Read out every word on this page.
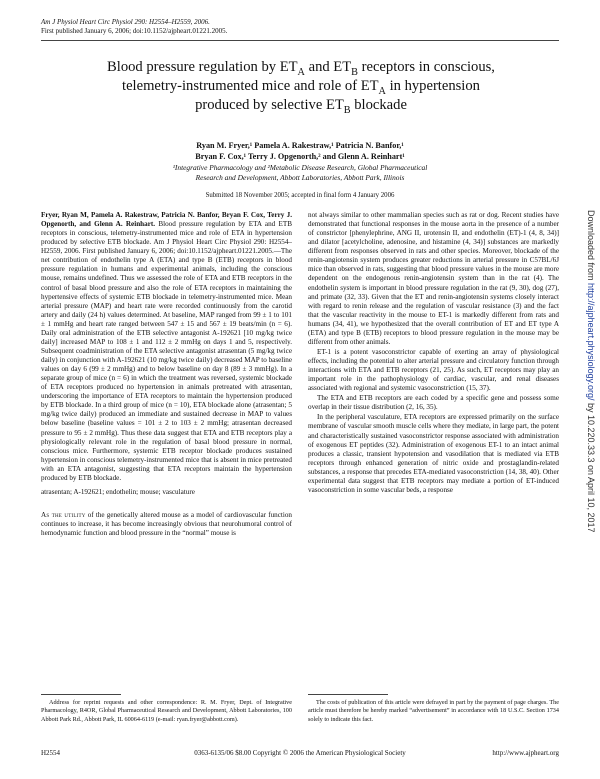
Am J Physiol Heart Circ Physiol 290: H2554–H2559, 2006.
First published January 6, 2006; doi:10.1152/ajpheart.01221.2005.
Blood pressure regulation by $ET_A$ and $ET_B$ receptors in conscious,
telemetry-instrumented mice and role of $ET_A$ in hypertension
produced by selective $ET_B$ blockade
Ryan M. Fryer,¹ Pamela A. Rakestraw,¹ Patricia N. Banfor,¹
Bryan F. Cox,¹ Terry J. Opgenorth,² and Glenn A. Reinhart¹
¹Integrative Pharmacology and ²Metabolic Disease Research, Global Pharmaceutical
Research and Development, Abbott Laboratories, Abbott Park, Illinois
Submitted 18 November 2005; accepted in final form 4 January 2006

Fryer, Ryan M, Pamela A. Rakestraw, Patricia N. Banfor, Bryan F. Cox, Terry J. Opgenorth, and Glenn A. Reinhart. Blood pressure regulation by ETA and ETB receptors in conscious, telemetry-instrumented mice and role of ETA in hypertension produced by selective ETB blockade. Am J Physiol Heart Circ Physiol 290: H2554–H2559, 2006. First published January 6, 2006; doi:10.1152/ajpheart.01221.2005.—The net contribution of endothelin type A (ETA) and type B (ETB) receptors in blood pressure regulation in humans and experimental animals, including the conscious mouse, remains undefined. Thus we assessed the role of ETA and ETB receptors in the control of basal blood pressure and also the role of ETA receptors in maintaining the hypertensive effects of systemic ETB blockade in telemetry-instrumented mice. Mean arterial pressure (MAP) and heart rate were recorded continuously from the carotid artery and daily (24 h) values determined. At baseline, MAP ranged from 99 ± 1 to 101 ± 1 mmHg and heart rate ranged between 547 ± 15 and 567 ± 19 beats/min (n = 6). Daily oral administration of the ETB selective antagonist A-192621 [10 mg/kg twice daily] increased MAP to 108 ± 1 and 112 ± 2 mmHg on days 1 and 5, respectively. Subsequent coadministration of the ETA selective antagonist atrasentan (5 mg/kg twice daily) in conjunction with A-192621 (10 mg/kg twice daily) decreased MAP to baseline values on day 6 (99 ± 2 mmHg) and to below baseline on day 8 (89 ± 3 mmHg). In a separate group of mice (n = 6) in which the treatment was reversed, systemic blockade of ETA receptors produced no hypertension in animals pretreated with atrasentan, underscoring the importance of ETA receptors to maintain the hypertension produced by ETB blockade. In a third group of mice (n = 10), ETA blockade alone (atrasentan; 5 mg/kg twice daily) produced an immediate and sustained decrease in MAP to values below baseline (baseline values = 101 ± 2 to 103 ± 2 mmHg; atrasentan decreased pressure to 95 ± 2 mmHg). Thus these data suggest that ETA and ETB receptors play a physiologically relevant role in the regulation of basal blood pressure in normal, conscious mice. Furthermore, systemic ETB receptor blockade produces sustained hypertension in conscious telemetry-instrumented mice that is absent in mice pretreated with an ETA antagonist, suggesting that ETA receptors maintain the hypertension produced by ETB blockade.

atrasentan; A-192621; endothelin; mouse; vasculature

As the utility of the genetically altered mouse as a model of cardiovascular function continues to increase, it has become increasingly obvious that neurohumoral control of hemodynamic function and blood pressure in the “normal” mouse is

not always similar to other mammalian species such as rat or dog. Recent studies have demonstrated that functional responses in the mouse aorta in the presence of a number of constrictor [phenylephrine, ANG II, urotensin II, and endothelin (ET)-1 (4, 8, 34)] and dilator [acetylcholine, adenosine, and histamine (4, 34)] substances are markedly different from responses observed in rats and other species. Moreover, blockade of the renin-angiotensin system produces greater reductions in arterial pressure in C57BL/6J mice than observed in rats, suggesting that blood pressure values in the mouse are more dependent on the endogenous renin-angiotensin system than in the rat (4). The endothelin system is important in blood pressure regulation in the rat (9, 30), dog (27), and primate (32, 33). Given that the ET and renin-angiotensin systems closely interact with regard to renin release and the regulation of vascular resistance (3) and the fact that the vascular reactivity in the mouse to ET-1 is markedly different from rats and humans (34, 41), we hypothesized that the overall contribution of ET and ET type A (ETA) and type B (ETB) receptors to blood pressure regulation in the mouse may be different from other animals.

ET-1 is a potent vasoconstrictor capable of exerting an array of physiological effects, including the potential to alter arterial pressure and circulatory function through interactions with ETA and ETB receptors (21, 25). As such, ET receptors may play an important role in the pathophysiology of cardiac, vascular, and renal diseases associated with regional and systemic vasoconstriction (15, 37).

The ETA and ETB receptors are each coded by a specific gene and possess some overlap in their tissue distribution (2, 16, 35).

In the peripheral vasculature, ETA receptors are expressed primarily on the surface membrane of vascular smooth muscle cells where they mediate, in large part, the potent and characteristically sustained vasoconstrictor response associated with administration of exogenous ET peptides (32). Administration of exogenous ET-1 to an intact animal produces a classic, transient hypotension and vasodilation that is mediated via ETB receptors through enhanced generation of nitric oxide and prostaglandin-related substances, a response that precedes ETA-mediated vasoconstriction (14, 38, 40). Other experimental data suggest that ETB receptors may mediate a portion of ET-induced vasoconstriction in some vascular beds, a response

Address for reprint requests and other correspondence: R. M. Fryer, Dept. of Integrative Pharmacology, R4OR, Global Pharmaceutical Research and Development, Abbott Laboratories, 100 Abbott Park Rd., Abbott Park, IL 60064-6119 (e-mail: ryan.fryer@abbott.com).
The costs of publication of this article were defrayed in part by the payment of page charges. The article must therefore be hereby marked “advertisement” in accordance with 18 U.S.C. Section 1734 solely to indicate this fact.
H2554	0363-6135/06 $8.00 Copyright © 2006 the American Physiological Society	http://www.ajpheart.org
Downloaded from http://ajpheart.physiology.org/ by 10.220.33.3 on April 10, 2017
